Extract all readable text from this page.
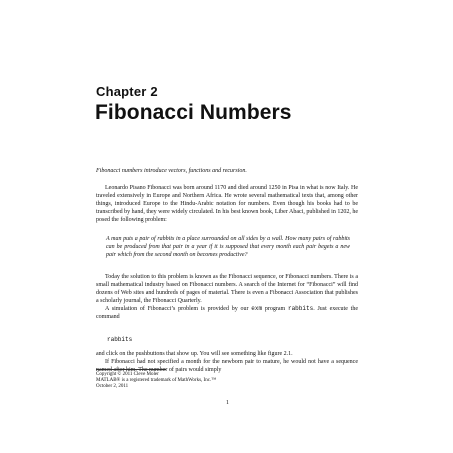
Chapter 2
Fibonacci Numbers

Fibonacci numbers introduce vectors, functions and recursion.

Leonardo Pisano Fibonacci was born around 1170 and died around 1250 in Pisa in what is now Italy. He traveled extensively in Europe and Northern Africa. He wrote several mathematical texts that, among other things, introduced Europe to the Hindu-Arabic notation for numbers. Even though his books had to be transcribed by hand, they were widely circulated. In his best known book, Liber Abaci, published in 1202, he posed the following problem:

A man puts a pair of rabbits in a place surrounded on all sides by a wall. How many pairs of rabbits can be produced from that pair in a year if it is supposed that every month each pair begets a new pair which from the second month on becomes productive?

Today the solution to this problem is known as the Fibonacci sequence, or Fibonacci numbers. There is a small mathematical industry based on Fibonacci numbers. A search of the Internet for “Fibonacci” will find dozens of Web sites and hundreds of pages of material. There is even a Fibonacci Association that publishes a scholarly journal, the Fibonacci Quarterly.
A simulation of Fibonacci’s problem is provided by our exm program rabbits. Just execute the command

rabbits

and click on the pushbuttons that show up. You will see something like figure 2.1.
If Fibonacci had not specified a month for the newborn pair to mature, he would not have a sequence named after him. The number of pairs would simply

Copyright © 2011 Cleve Moler
MATLAB® is a registered trademark of MathWorks, Inc.™
October 2, 2011
1
